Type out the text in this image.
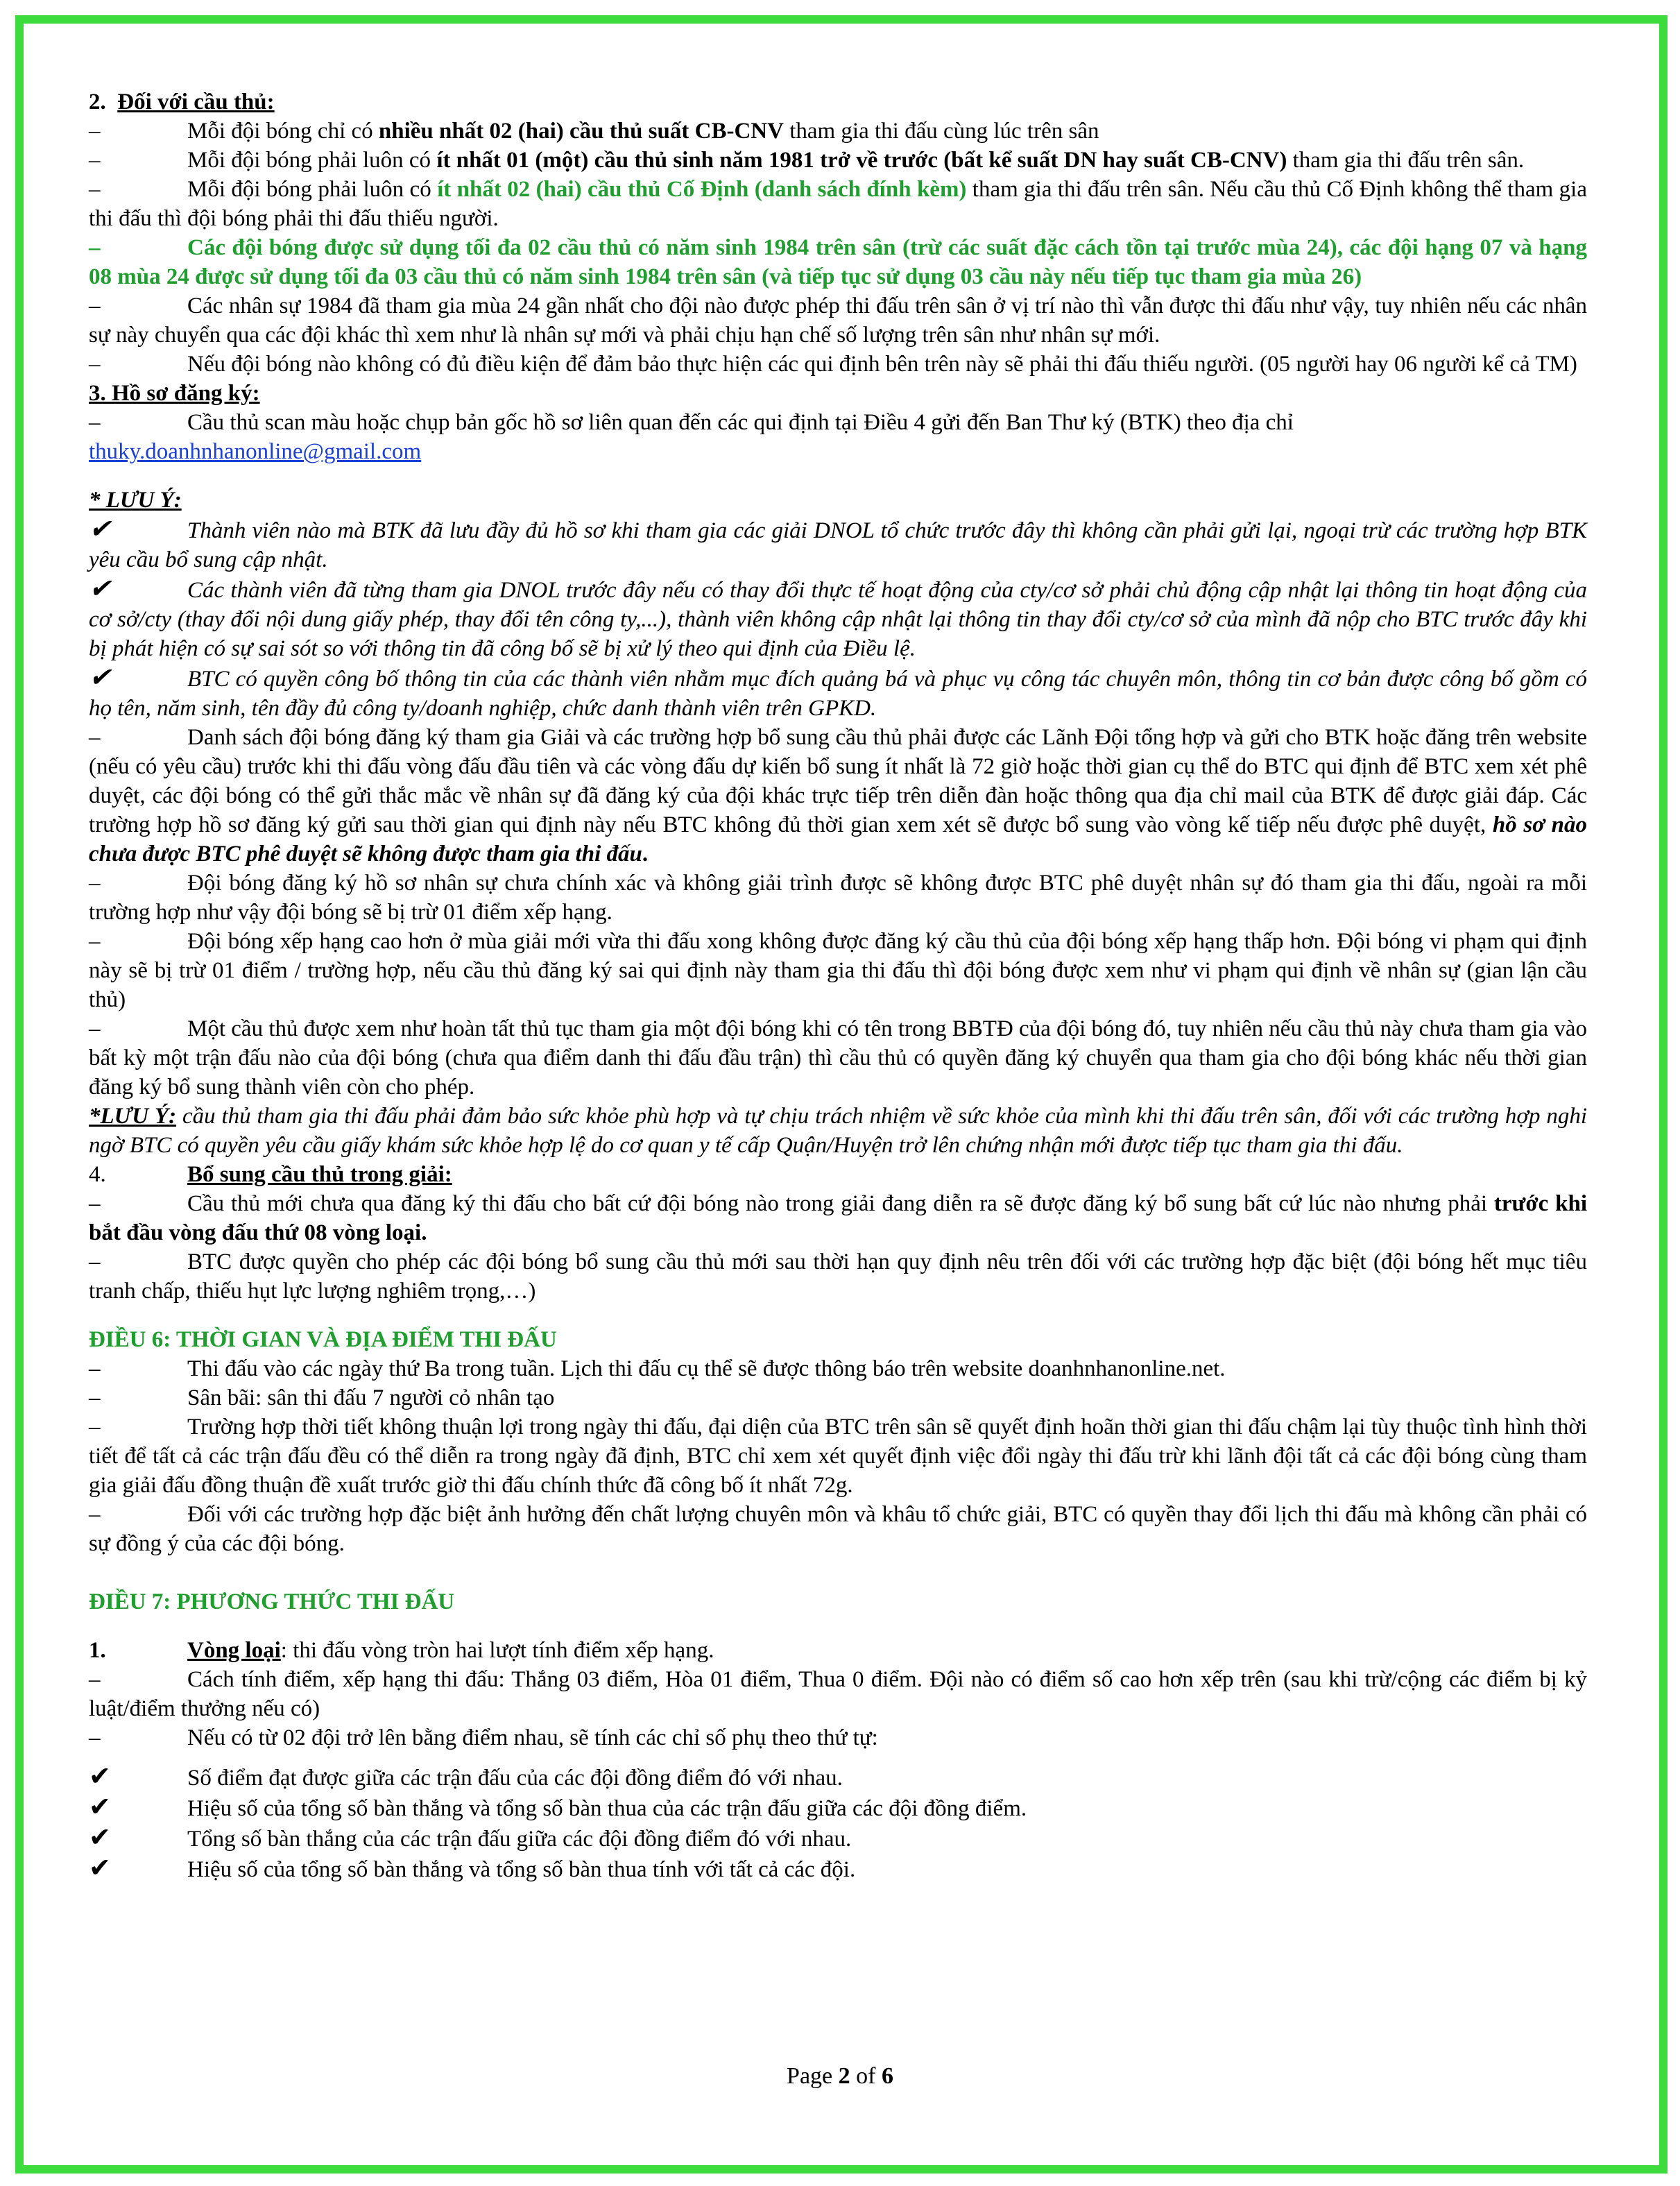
2.  Đối với cầu thủ:

–	Mỗi đội bóng chỉ có nhiều nhất 02 (hai) cầu thủ suất CB-CNV tham gia thi đấu cùng lúc trên sân

–	Mỗi đội bóng phải luôn có ít nhất 01 (một) cầu thủ sinh năm 1981 trở về trước (bất kể suất DN hay suất CB-CNV) tham gia thi đấu trên sân.

–	Mỗi đội bóng phải luôn có ít nhất 02 (hai) cầu thủ Cố Định (danh sách đính kèm) tham gia thi đấu trên sân. Nếu cầu thủ Cố Định không thể tham gia thi đấu thì đội bóng phải thi đấu thiếu người.

–	Các đội bóng được sử dụng tối đa 02 cầu thủ có năm sinh 1984 trên sân (trừ các suất đặc cách tồn tại trước mùa 24), các đội hạng 07 và hạng 08 mùa 24 được sử dụng tối đa 03 cầu thủ có năm sinh 1984 trên sân (và tiếp tục sử dụng 03 cầu này nếu tiếp tục tham gia mùa 26)

–	Các nhân sự 1984 đã tham gia mùa 24 gần nhất cho đội nào được phép thi đấu trên sân ở vị trí nào thì vẫn được thi đấu như vậy, tuy nhiên nếu các nhân sự này chuyển qua các đội khác thì xem như là nhân sự mới và phải chịu hạn chế số lượng trên sân như nhân sự mới.

–	Nếu đội bóng nào không có đủ điều kiện để đảm bảo thực hiện các qui định bên trên này sẽ phải thi đấu thiếu người. (05 người hay 06 người kể cả TM)

3. Hồ sơ đăng ký:

–	Cầu thủ scan màu hoặc chụp bản gốc hồ sơ liên quan đến các qui định tại Điều 4 gửi đến Ban Thư ký (BTK) theo địa chỉ
thuky.doanhnhanonline@gmail.com

* LƯU Ý:

✔	Thành viên nào mà BTK đã lưu đầy đủ hồ sơ khi tham gia các giải DNOL tổ chức trước đây thì không cần phải gửi lại, ngoại trừ các trường hợp BTK yêu cầu bổ sung cập nhật.

✔	Các thành viên đã từng tham gia DNOL trước đây nếu có thay đổi thực tế hoạt động của cty/cơ sở phải chủ động cập nhật lại thông tin hoạt động của cơ sở/cty (thay đổi nội dung giấy phép, thay đổi tên công ty,...), thành viên không cập nhật lại thông tin thay đổi cty/cơ sở của mình đã nộp cho BTC trước đây khi bị phát hiện có sự sai sót so với thông tin đã công bố sẽ bị xử lý theo qui định của Điều lệ.

✔	BTC có quyền công bố thông tin của các thành viên nhằm mục đích quảng bá và phục vụ công tác chuyên môn, thông tin cơ bản được công bố gồm có họ tên, năm sinh, tên đầy đủ công ty/doanh nghiệp, chức danh thành viên trên GPKD.

–	Danh sách đội bóng đăng ký tham gia Giải và các trường hợp bổ sung cầu thủ phải được các Lãnh Đội tổng hợp và gửi cho BTK hoặc đăng trên website (nếu có yêu cầu) trước khi thi đấu vòng đấu đầu tiên và các vòng đấu dự kiến bổ sung ít nhất là 72 giờ hoặc thời gian cụ thể do BTC qui định để BTC xem xét phê duyệt, các đội bóng có thể gửi thắc mắc về nhân sự đã đăng ký của đội khác trực tiếp trên diễn đàn hoặc thông qua địa chỉ mail của BTK để được giải đáp. Các trường hợp hồ sơ đăng ký gửi sau thời gian qui định này nếu BTC không đủ thời gian xem xét sẽ được bổ sung vào vòng kế tiếp nếu được phê duyệt, hồ sơ nào chưa được BTC phê duyệt sẽ không được tham gia thi đấu.

–	Đội bóng đăng ký hồ sơ nhân sự chưa chính xác và không giải trình được sẽ không được BTC phê duyệt nhân sự đó tham gia thi đấu, ngoài ra mỗi trường hợp như vậy đội bóng sẽ bị trừ 01 điểm xếp hạng.

–	Đội bóng xếp hạng cao hơn ở mùa giải mới vừa thi đấu xong không được đăng ký cầu thủ của đội bóng xếp hạng thấp hơn. Đội bóng vi phạm qui định này sẽ bị trừ 01 điểm / trường hợp, nếu cầu thủ đăng ký sai qui định này tham gia thi đấu thì đội bóng được xem như vi phạm qui định về nhân sự (gian lận cầu thủ)

–	Một cầu thủ được xem như hoàn tất thủ tục tham gia một đội bóng khi có tên trong BBTĐ của đội bóng đó, tuy nhiên nếu cầu thủ này chưa tham gia vào bất kỳ một trận đấu nào của đội bóng (chưa qua điểm danh thi đấu đầu trận) thì cầu thủ có quyền đăng ký chuyển qua tham gia cho đội bóng khác nếu thời gian đăng ký bổ sung thành viên còn cho phép.

*LƯU Ý: cầu thủ tham gia thi đấu phải đảm bảo sức khỏe phù hợp và tự chịu trách nhiệm về sức khỏe của mình khi thi đấu trên sân, đối với các trường hợp nghi ngờ BTC có quyền yêu cầu giấy khám sức khỏe hợp lệ do cơ quan y tế cấp Quận/Huyện trở lên chứng nhận mới được tiếp tục tham gia thi đấu.

4.	Bổ sung cầu thủ trong giải:

–	Cầu thủ mới chưa qua đăng ký thi đấu cho bất cứ đội bóng nào trong giải đang diễn ra sẽ được đăng ký bổ sung bất cứ lúc nào nhưng phải trước khi bắt đầu vòng đấu thứ 08 vòng loại.

–	BTC được quyền cho phép các đội bóng bổ sung cầu thủ mới sau thời hạn quy định nêu trên đối với các trường hợp đặc biệt (đội bóng hết mục tiêu tranh chấp, thiếu hụt lực lượng nghiêm trọng,…)

ĐIỀU 6: THỜI GIAN VÀ ĐỊA ĐIỂM THI ĐẤU

–	Thi đấu vào các ngày thứ Ba trong tuần. Lịch thi đấu cụ thể sẽ được thông báo trên website doanhnhanonline.net.

–	Sân bãi: sân thi đấu 7 người cỏ nhân tạo

–	Trường hợp thời tiết không thuận lợi trong ngày thi đấu, đại diện của BTC trên sân sẽ quyết định hoãn thời gian thi đấu chậm lại tùy thuộc tình hình thời tiết để tất cả các trận đấu đều có thể diễn ra trong ngày đã định, BTC chỉ xem xét quyết định việc đổi ngày thi đấu trừ khi lãnh đội tất cả các đội bóng cùng tham gia giải đấu đồng thuận đề xuất trước giờ thi đấu chính thức đã công bố ít nhất 72g.

–	Đối với các trường hợp đặc biệt ảnh hưởng đến chất lượng chuyên môn và khâu tổ chức giải, BTC có quyền thay đổi lịch thi đấu mà không cần phải có sự đồng ý của các đội bóng.

ĐIỀU 7: PHƯƠNG THỨC THI ĐẤU

1.	Vòng loại: thi đấu vòng tròn hai lượt tính điểm xếp hạng.

–	Cách tính điểm, xếp hạng thi đấu: Thắng 03 điểm, Hòa 01 điểm, Thua 0 điểm. Đội nào có điểm số cao hơn xếp trên (sau khi trừ/cộng các điểm bị kỷ luật/điểm thưởng nếu có)

–	Nếu có từ 02 đội trở lên bằng điểm nhau, sẽ tính các chỉ số phụ theo thứ tự:

✔	Số điểm đạt được giữa các trận đấu của các đội đồng điểm đó với nhau.

✔	Hiệu số của tổng số bàn thắng và tổng số bàn thua của các trận đấu giữa các đội đồng điểm.

✔	Tổng số bàn thắng của các trận đấu giữa các đội đồng điểm đó với nhau.

✔	Hiệu số của tổng số bàn thắng và tổng số bàn thua tính với tất cả các đội.

Page 2 of 6
